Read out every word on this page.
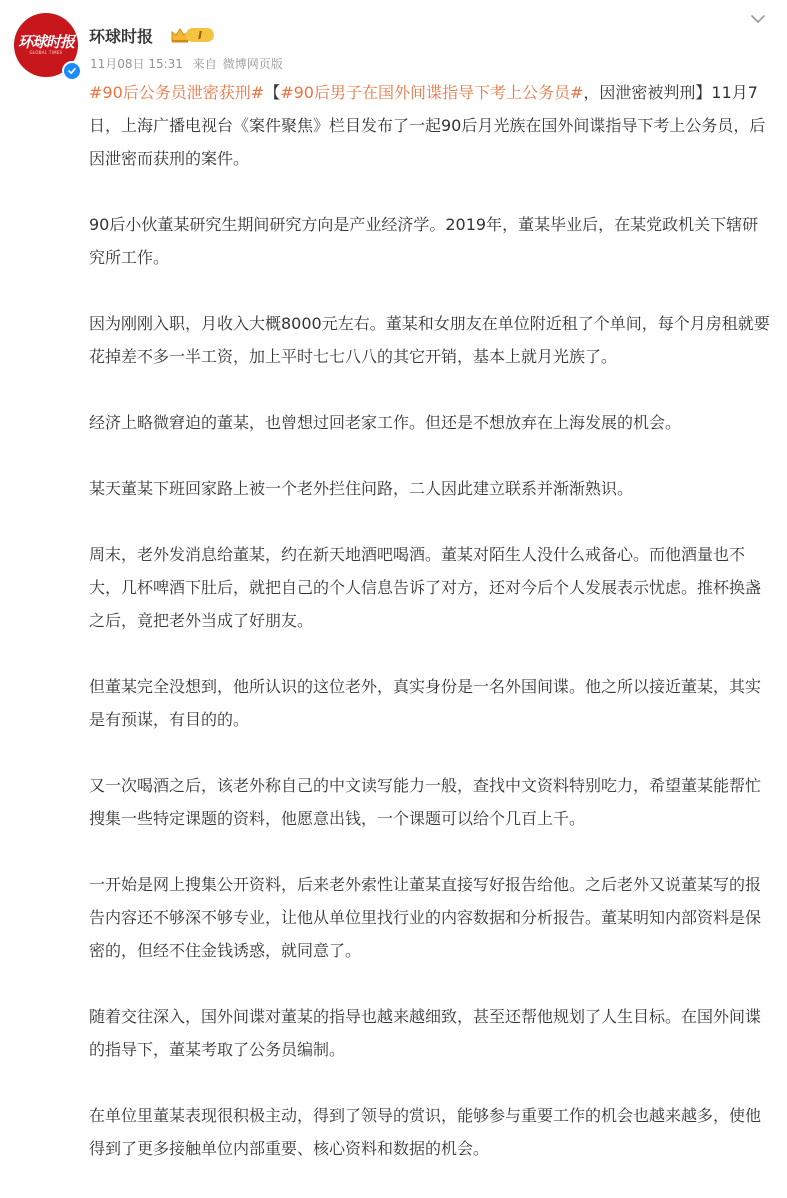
环球时报
GLOBAL TIMES
环球时报	I
11月08日 15:31 来自 微博网页版

#90后公务员泄密获刑#【#90后男子在国外间谍指导下考上公务员#，因泄密被判刑】11月7日，上海广播电视台《案件聚焦》栏目发布了一起90后月光族在国外间谍指导下考上公务员，后因泄密而获刑的案件。

90后小伙董某研究生期间研究方向是产业经济学。2019年，董某毕业后，在某党政机关下辖研究所工作。

因为刚刚入职，月收入大概8000元左右。董某和女朋友在单位附近租了个单间，每个月房租就要花掉差不多一半工资，加上平时七七八八的其它开销，基本上就月光族了。

经济上略微窘迫的董某，也曾想过回老家工作。但还是不想放弃在上海发展的机会。

某天董某下班回家路上被一个老外拦住问路，二人因此建立联系并渐渐熟识。

周末，老外发消息给董某，约在新天地酒吧喝酒。董某对陌生人没什么戒备心。而他酒量也不大，几杯啤酒下肚后，就把自己的个人信息告诉了对方，还对今后个人发展表示忧虑。推杯换盏之后，竟把老外当成了好朋友。

但董某完全没想到，他所认识的这位老外，真实身份是一名外国间谍。他之所以接近董某，其实是有预谋，有目的的。

又一次喝酒之后，该老外称自己的中文读写能力一般，查找中文资料特别吃力，希望董某能帮忙搜集一些特定课题的资料，他愿意出钱，一个课题可以给个几百上千。

一开始是网上搜集公开资料，后来老外索性让董某直接写好报告给他。之后老外又说董某写的报告内容还不够深不够专业，让他从单位里找行业的内容数据和分析报告。董某明知内部资料是保密的，但经不住金钱诱惑，就同意了。

随着交往深入，国外间谍对董某的指导也越来越细致，甚至还帮他规划了人生目标。在国外间谍的指导下，董某考取了公务员编制。

在单位里董某表现很积极主动，得到了领导的赏识，能够参与重要工作的机会也越来越多，使他得到了更多接触单位内部重要、核心资料和数据的机会。
